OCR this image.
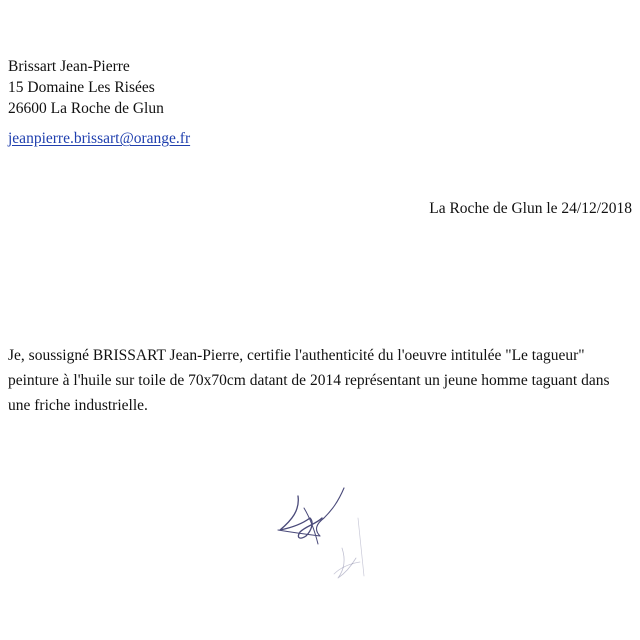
Brissart Jean-Pierre
15 Domaine Les Risées
26600 La Roche de Glun
jeanpierre.brissart@orange.fr
La Roche de Glun le 24/12/2018
Je, soussigné BRISSART Jean-Pierre, certifie l'authenticité du l'oeuvre intitulée "Le tagueur"
peinture à l'huile sur toile de 70x70cm datant de 2014 représentant un jeune homme taguant dans
une friche industrielle.
